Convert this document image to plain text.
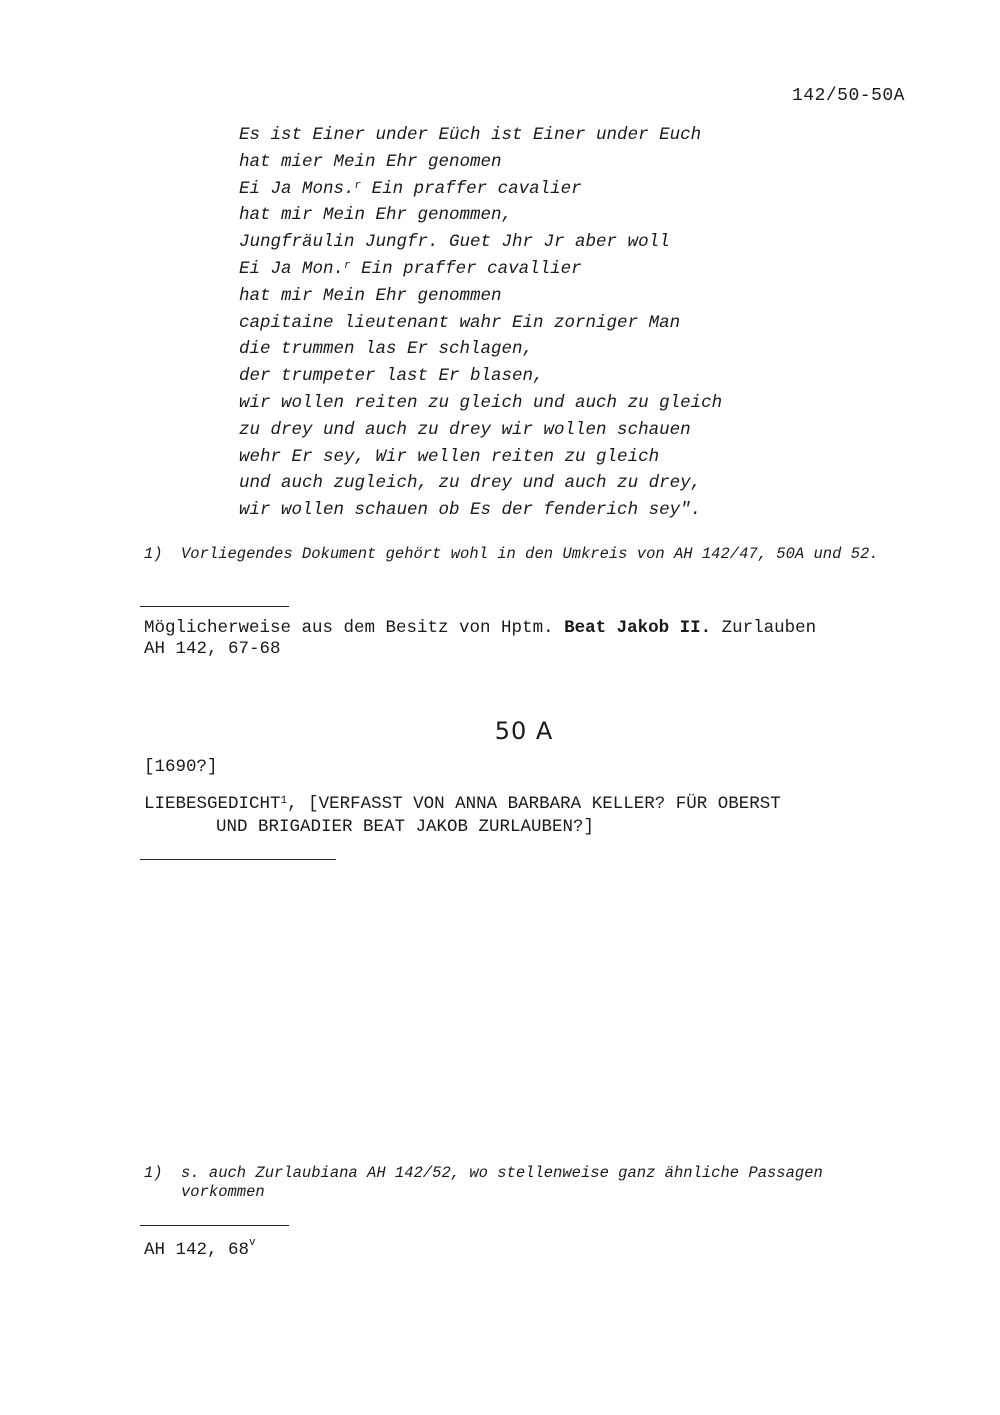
142/50-50A
Es ist Einer under Eüch ist Einer under Euch
hat mier Mein Ehr genomen
Ei Ja Mons.$^r$ Ein praffer cavalier
hat mir Mein Ehr genommen,
Jungfräulin Jungfr. Guet Jhr Jr aber woll
Ei Ja Mon.$^r$ Ein praffer cavallier
hat mir Mein Ehr genommen
capitaine lieutenant wahr Ein zorniger Man
die trummen las Er schlagen,
der trumpeter last Er blasen,
wir wollen reiten zu gleich und auch zu gleich
zu drey und auch zu drey wir wollen schauen
wehr Er sey, Wir wellen reiten zu gleich
und auch zugleich, zu drey und auch zu drey,
wir wollen schauen ob Es der fenderich sey".
1)	Vorliegendes Dokument gehört wohl in den Umkreis von AH 142/47, 50A und 52.
Möglicherweise aus dem Besitz von Hptm. Beat Jakob II. Zurlauben
AH 142, 67-68
50 A
[1690?]
LIEBESGEDICHT$^1$, [VERFASST VON ANNA BARBARA KELLER? FÜR OBERST
UND BRIGADIER BEAT JAKOB ZURLAUBEN?]
1)	s. auch Zurlaubiana AH 142/52, wo stellenweise ganz ähnliche Passagen vorkommen
AH 142, 68$^v$
